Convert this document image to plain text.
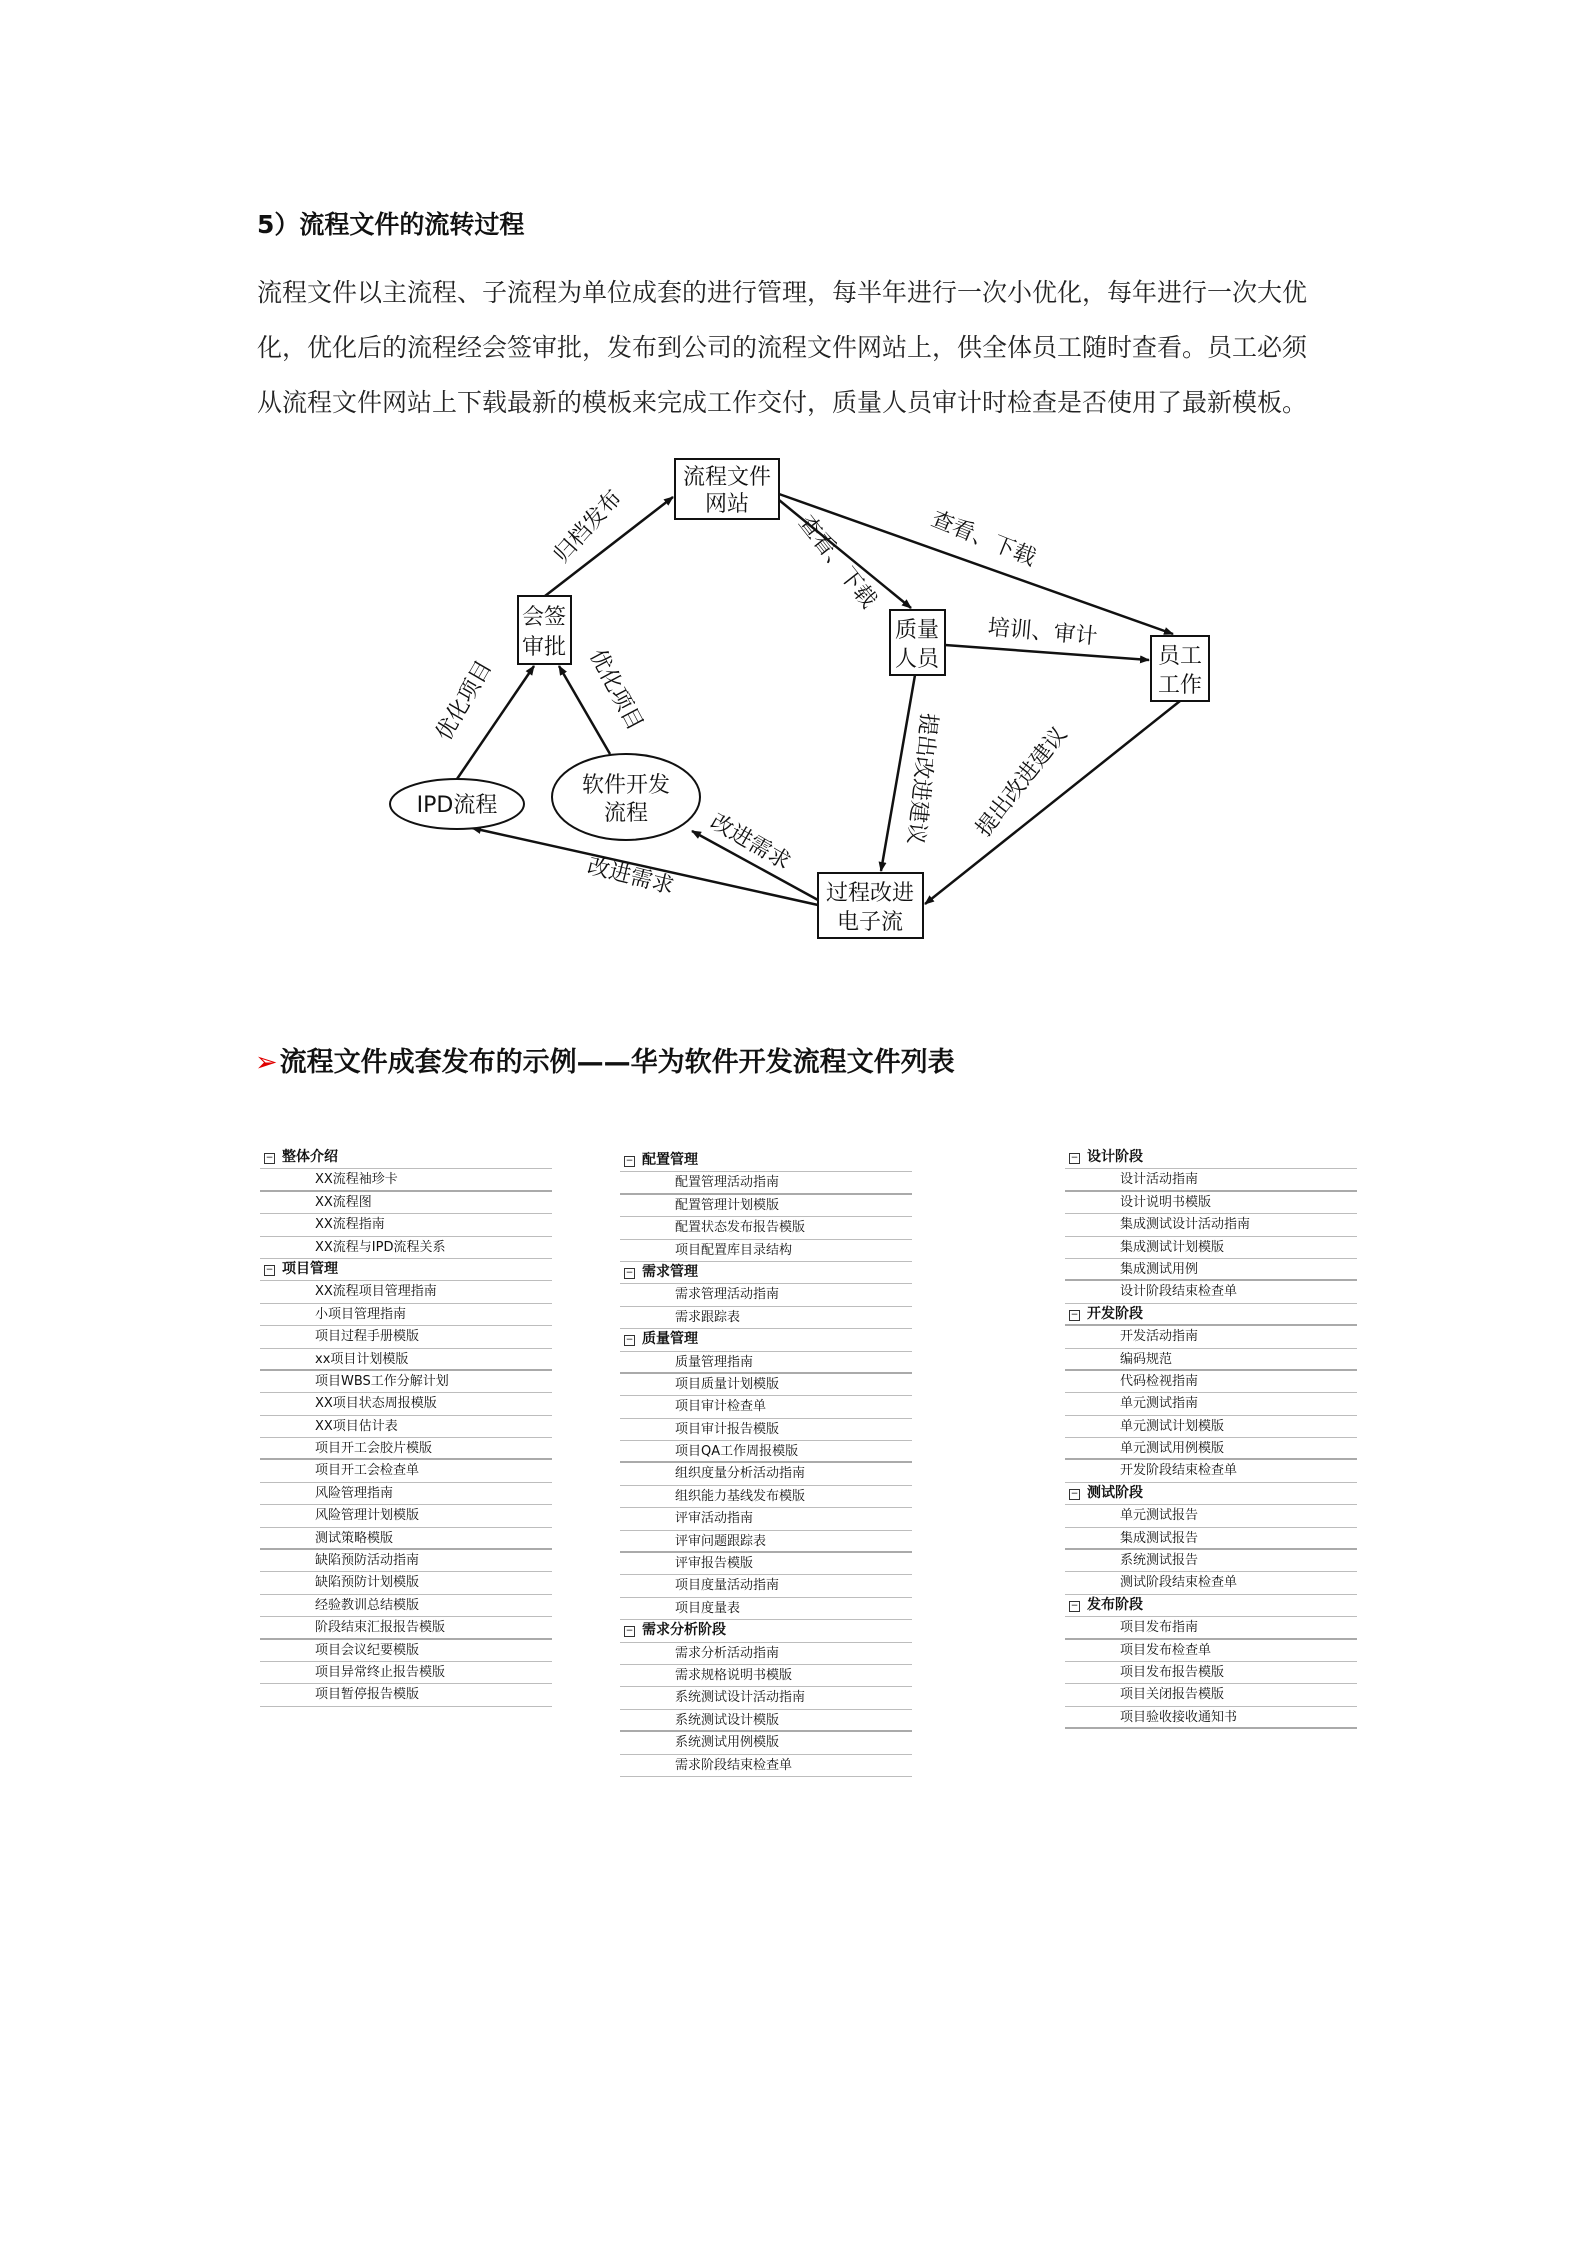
5）流程文件的流转过程
流程文件以主流程、子流程为单位成套的进行管理，每半年进行一次小优化，每年进行一次大优
化，优化后的流程经会签审批，发布到公司的流程文件网站上，供全体员工随时查看。员工必须
从流程文件网站上下载最新的模板来完成工作交付，质量人员审计时检查是否使用了最新模板。
流程文件网站
会签审批
质量人员	员工工作
过程改进电子流
IPD流程
软件开发流程
归档发布	查看、下载 查看、下载
培训、审计
提出改进建议 提出改进建议
改进需求
改进需求
优化项目	优化项目
➢流程文件成套发布的示例——华为软件开发流程文件列表
− 整体介绍
XX流程袖珍卡
XX流程图
XX流程指南
XX流程与IPD流程关系
− 项目管理
XX流程项目管理指南
小项目管理指南
项目过程手册模版
xx项目计划模版
项目WBS工作分解计划
XX项目状态周报模版
XX项目估计表
项目开工会胶片模版
项目开工会检查单
风险管理指南
风险管理计划模版
测试策略模版
缺陷预防活动指南
缺陷预防计划模版
经验教训总结模版
阶段结束汇报报告模版
项目会议纪要模版
项目异常终止报告模版
项目暂停报告模版
− 配置管理
配置管理活动指南
配置管理计划模版
配置状态发布报告模版
项目配置库目录结构
− 需求管理
需求管理活动指南
需求跟踪表
− 质量管理
质量管理指南
项目质量计划模版
项目审计检查单
项目审计报告模版
项目QA工作周报模版
组织度量分析活动指南
组织能力基线发布模版
评审活动指南
评审问题跟踪表
评审报告模版
项目度量活动指南
项目度量表
− 需求分析阶段
需求分析活动指南
需求规格说明书模版
系统测试设计活动指南
系统测试设计模版
系统测试用例模版
需求阶段结束检查单
− 设计阶段
设计活动指南
设计说明书模版
集成测试设计活动指南
集成测试计划模版
集成测试用例
设计阶段结束检查单
− 开发阶段
开发活动指南
编码规范
代码检视指南
单元测试指南
单元测试计划模版
单元测试用例模版
开发阶段结束检查单
− 测试阶段
单元测试报告
集成测试报告
系统测试报告
测试阶段结束检查单
− 发布阶段
项目发布指南
项目发布检查单
项目发布报告模版
项目关闭报告模版
项目验收接收通知书
